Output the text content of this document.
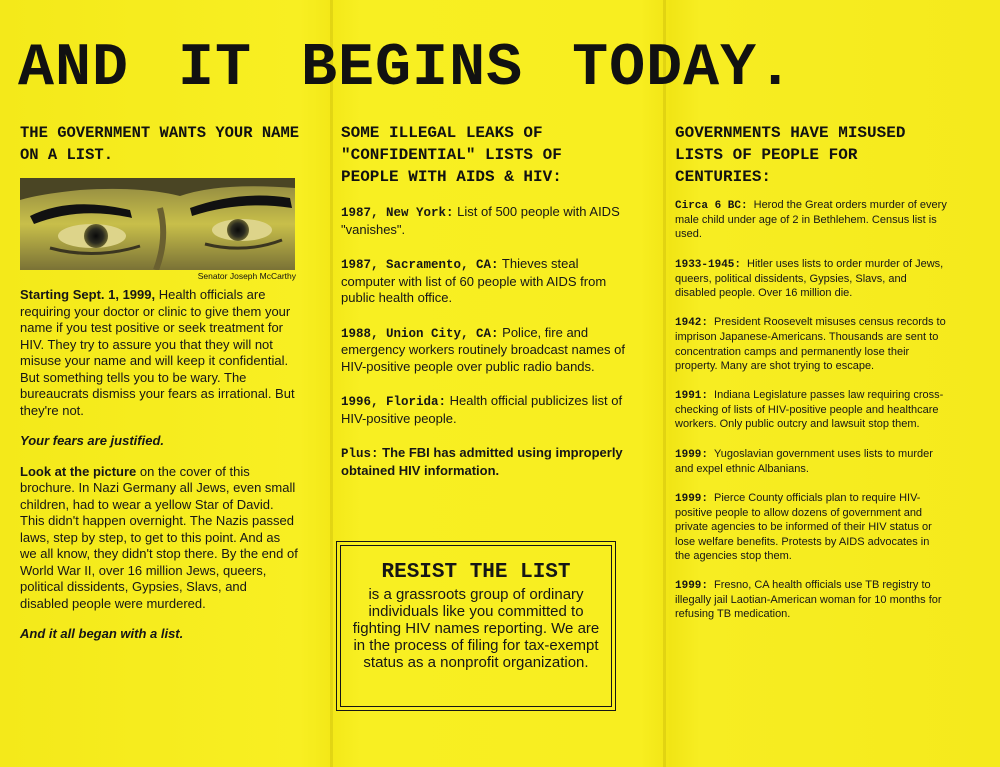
AND IT BEGINS TODAY.
THE GOVERNMENT WANTS YOUR NAME ON A LIST.

Senator Joseph McCarthy

Starting Sept. 1, 1999, Health officials are requiring your doctor or clinic to give them your name if you test positive or seek treatment for HIV. They try to assure you that they will not misuse your name and will keep it confidential. But something tells you to be wary. The bureaucrats dismiss your fears as irrational. But they're not.

Your fears are justified.

Look at the picture on the cover of this brochure. In Nazi Germany all Jews, even small children, had to wear a yellow Star of David. This didn't happen overnight. The Nazis passed laws, step by step, to get to this point. And as we all know, they didn't stop there. By the end of World War II, over 16 million Jews, queers, political dissidents, Gypsies, Slavs, and disabled people were murdered.

And it all began with a list.

SOME ILLEGAL LEAKS OF "CONFIDENTIAL" LISTS OF PEOPLE WITH AIDS & HIV:

1987, New York: List of 500 people with AIDS "vanishes".

1987, Sacramento, CA: Thieves steal computer with list of 60 people with AIDS from public health office.

1988, Union City, CA: Police, fire and emergency workers routinely broadcast names of HIV-positive people over public radio bands.

1996, Florida: Health official publicizes list of HIV-positive people.

Plus: The FBI has admitted using improperly obtained HIV information.

RESIST THE LIST

is a grassroots group of ordinary individuals like you committed to fighting HIV names reporting. We are in the process of filing for tax-exempt status as a nonprofit organization.

GOVERNMENTS HAVE MISUSED LISTS OF PEOPLE FOR CENTURIES:

Circa 6 BC: Herod the Great orders murder of every male child under age of 2 in Bethlehem. Census list is used.

1933-1945: Hitler uses lists to order murder of Jews, queers, political dissidents, Gypsies, Slavs, and disabled people. Over 16 million die.

1942: President Roosevelt misuses census records to imprison Japanese-Americans. Thousands are sent to concentration camps and permanently lose their property. Many are shot trying to escape.

1991: Indiana Legislature passes law requiring cross-checking of lists of HIV-positive people and healthcare workers. Only public outcry and lawsuit stop them.

1999: Yugoslavian government uses lists to murder and expel ethnic Albanians.

1999: Pierce County officials plan to require HIV-positive people to allow dozens of government and private agencies to be informed of their HIV status or lose welfare benefits. Protests by AIDS advocates in the agencies stop them.

1999: Fresno, CA health officials use TB registry to illegally jail Laotian-American woman for 10 months for refusing TB medication.
